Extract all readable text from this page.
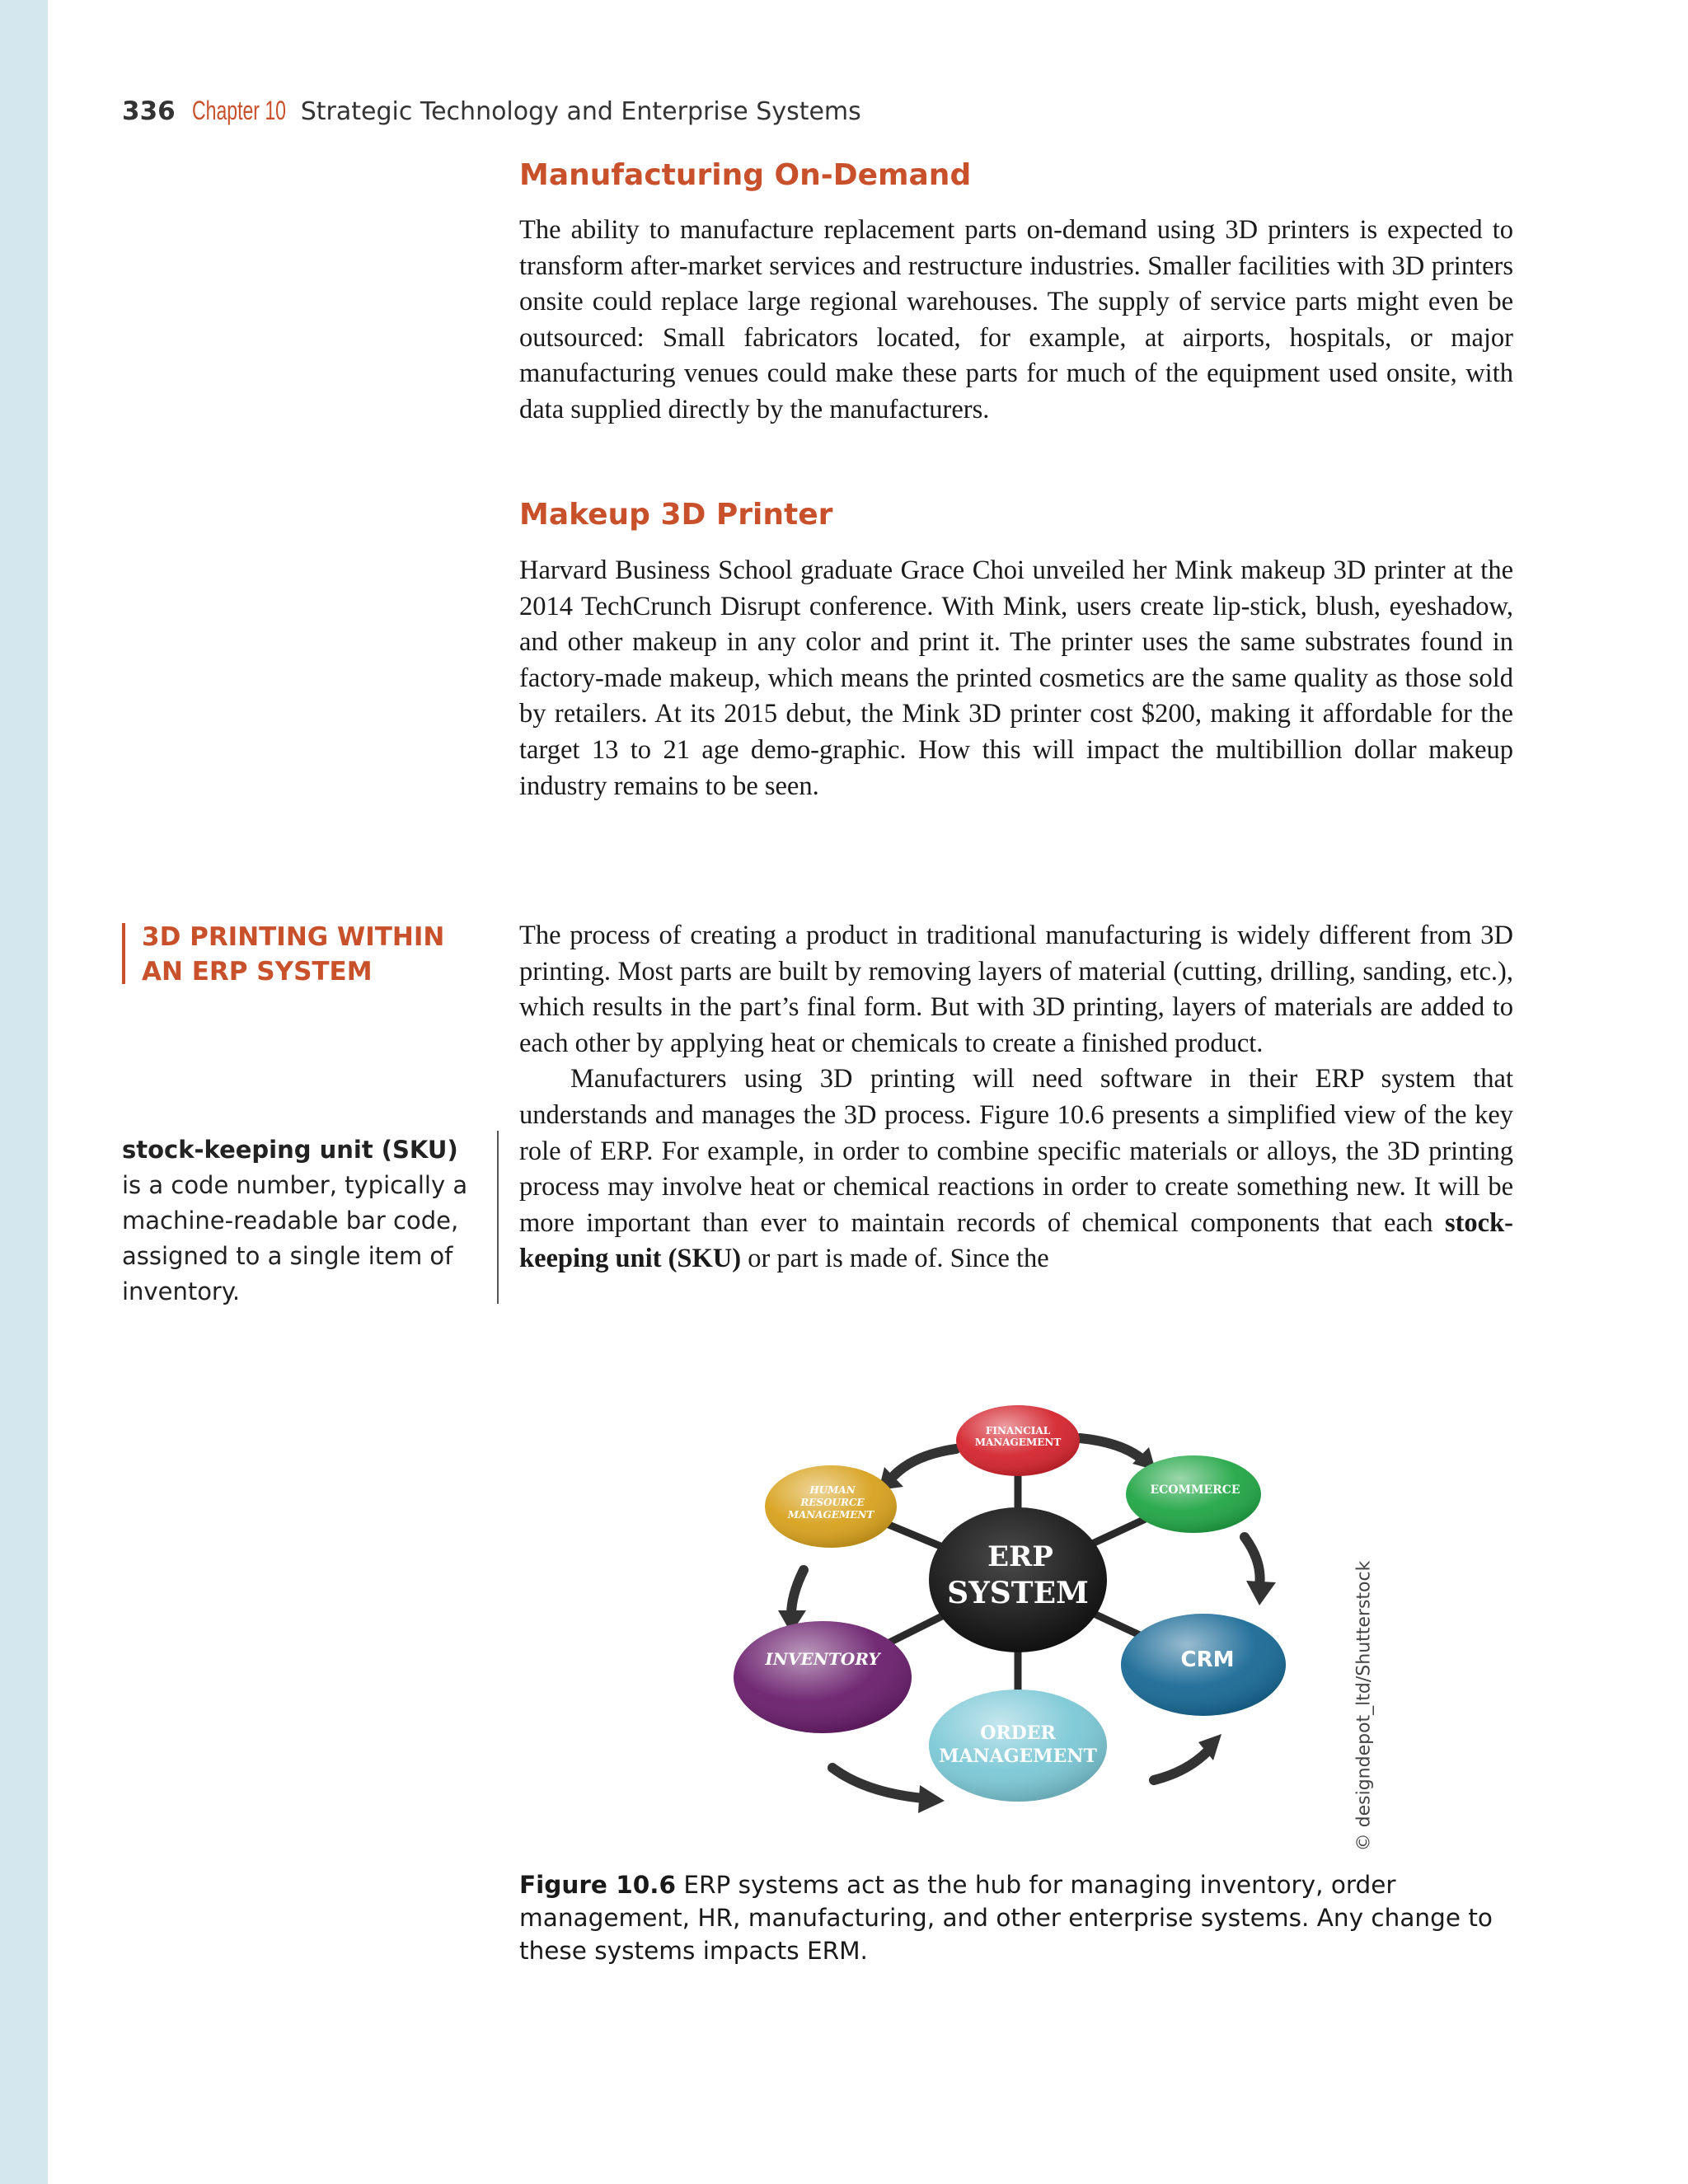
336 Chapter 10 Strategic Technology and Enterprise Systems
Manufacturing On-Demand

The ability to manufacture replacement parts on-demand using 3D printers is expected to transform after-market services and restructure industries. Smaller facilities with 3D printers onsite could replace large regional warehouses. The supply of service parts might even be outsourced: Small fabricators located, for example, at airports, hospitals, or major manufacturing venues could make these parts for much of the equipment used onsite, with data supplied directly by the manufacturers.

Makeup 3D Printer

Harvard Business School graduate Grace Choi unveiled her Mink makeup 3D printer at the 2014 TechCrunch Disrupt conference. With Mink, users create lip-stick, blush, eyeshadow, and other makeup in any color and print it. The printer uses the same substrates found in factory-made makeup, which means the printed cosmetics are the same quality as those sold by retailers. At its 2015 debut, the Mink 3D printer cost $200, making it affordable for the target 13 to 21 age demo-graphic. How this will impact the multibillion dollar makeup industry remains to be seen.

3D PRINTING WITHIN AN ERP SYSTEM

The process of creating a product in traditional manufacturing is widely different from 3D printing. Most parts are built by removing layers of material (cutting, drilling, sanding, etc.), which results in the part’s final form. But with 3D printing, layers of materials are added to each other by applying heat or chemicals to create a finished product.

Manufacturers using 3D printing will need software in their ERP system that understands and manages the 3D process. Figure 10.6 presents a simplified view of the key role of ERP. For example, in order to combine specific materials or alloys, the 3D printing process may involve heat or chemical reactions in order to create something new. It will be more important than ever to maintain records of chemical components that each stock-keeping unit (SKU) or part is made of. Since the

stock-keeping unit (SKU) is a code number, typically a machine-readable bar code, assigned to a single item of inventory.

ERP
SYSTEM
FINANCIAL
MANAGEMENT
ECOMMERCE
CRM
ORDER
MANAGEMENT
INVENTORY
HUMAN
RESOURCE
MANAGEMENT
© designdepot_ltd/Shutterstock

Figure 10.6 ERP systems act as the hub for managing inventory, order management, HR, manufacturing, and other enterprise systems. Any change to these systems impacts ERM.
